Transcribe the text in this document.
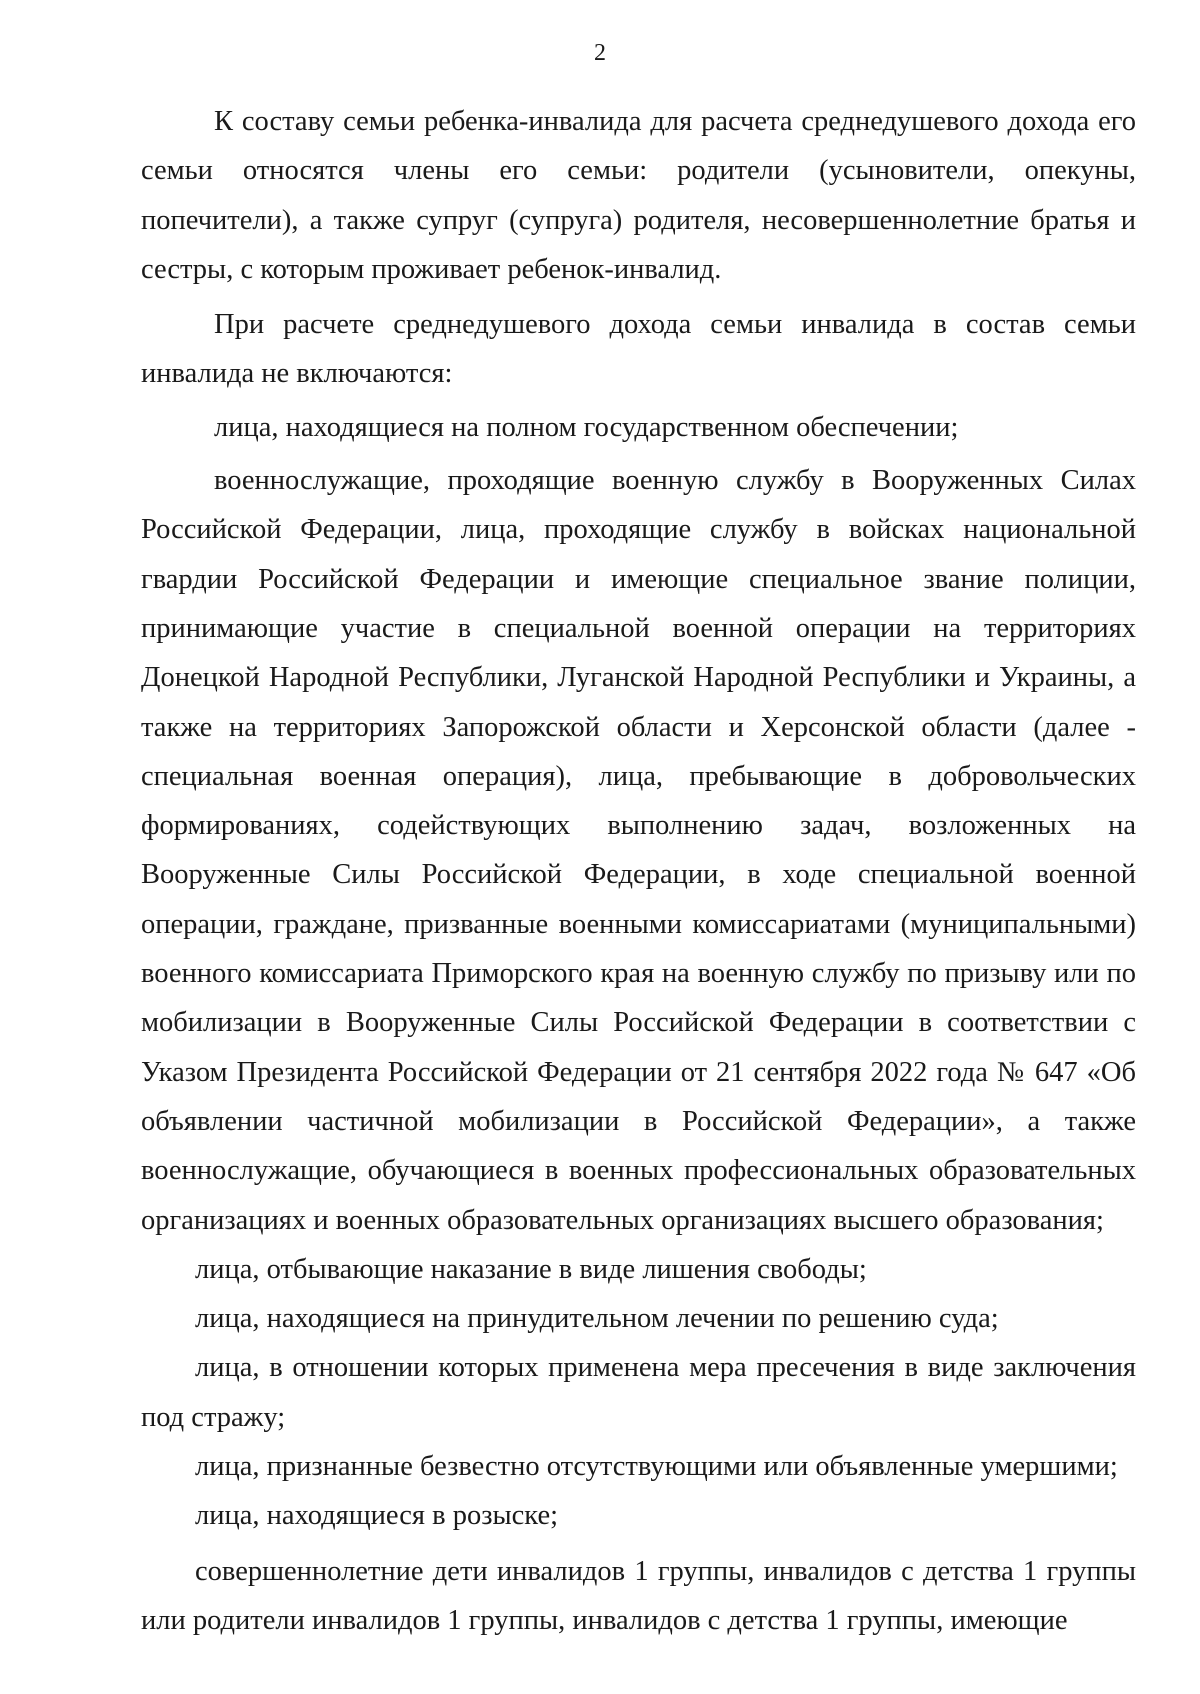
2

К составу семьи ребенка-инвалида для расчета среднедушевого дохода его семьи относятся члены его семьи: родители (усыновители, опекуны, попечители), а также супруг (супруга) родителя, несовершеннолетние братья и сестры, с которым проживает ребенок-инвалид.

При расчете среднедушевого дохода семьи инвалида в состав семьи инвалида не включаются:

лица, находящиеся на полном государственном обеспечении;

военнослужащие, проходящие военную службу в Вооруженных Силах Российской Федерации, лица, проходящие службу в войсках национальной гвардии Российской Федерации и имеющие специальное звание полиции, принимающие участие в специальной военной операции на территориях Донецкой Народной Республики, Луганской Народной Республики и Украины, а также на территориях Запорожской области и Херсонской области (далее - специальная военная операция), лица, пребывающие в добровольческих формированиях, содействующих выполнению задач, возложенных на Вооруженные Силы Российской Федерации, в ходе специальной военной операции, граждане, призванные военными комиссариатами (муниципальными) военного комиссариата Приморского края на военную службу по призыву или по мобилизации в Вооруженные Силы Российской Федерации в соответствии с Указом Президента Российской Федерации от 21 сентября 2022 года № 647 «Об объявлении частичной мобилизации в Российской Федерации», а также военнослужащие, обучающиеся в военных профессиональных образовательных организациях и военных образовательных организациях высшего образования;

лица, отбывающие наказание в виде лишения свободы;

лица, находящиеся на принудительном лечении по решению суда;

лица, в отношении которых применена мера пресечения в виде заключения под стражу;

лица, признанные безвестно отсутствующими или объявленные умершими;

лица, находящиеся в розыске;

совершеннолетние дети инвалидов 1 группы, инвалидов с детства 1 группы или родители инвалидов 1 группы, инвалидов с детства 1 группы, имеющие
